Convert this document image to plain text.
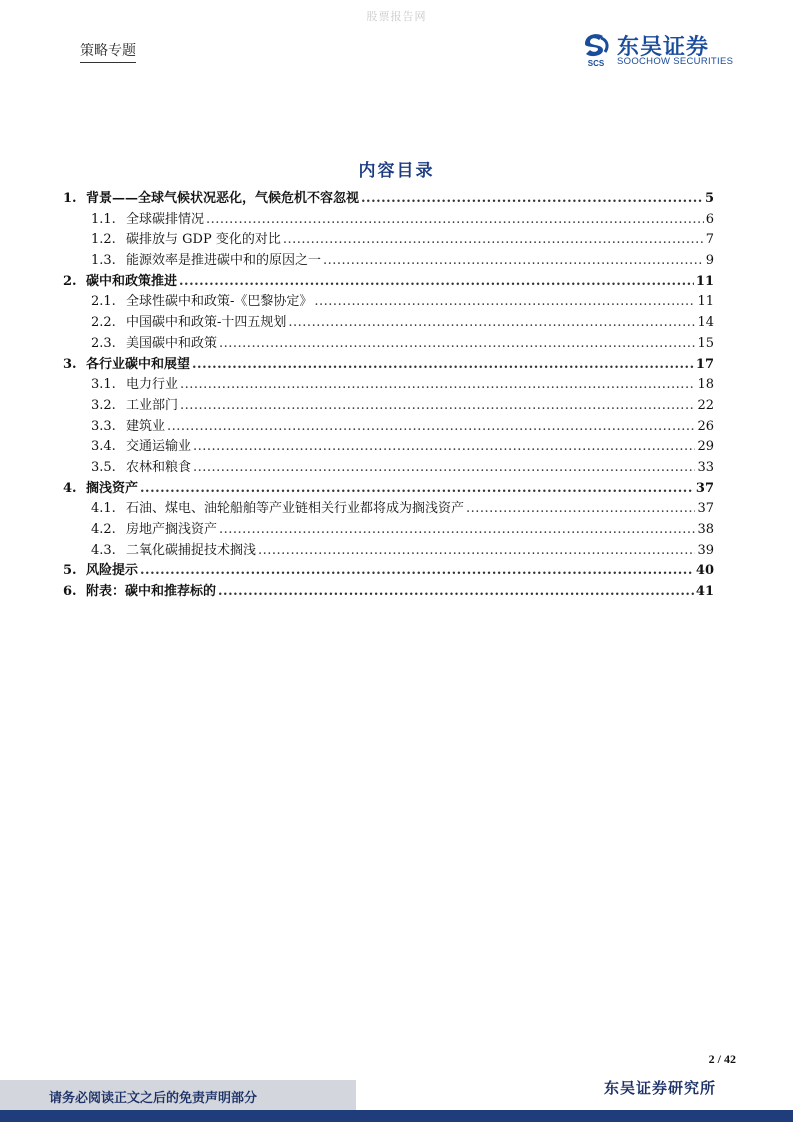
股票报告网
策略专题
SCS
东吴证券
SOOCHOW SECURITIES
内容目录
1. 背景——全球气候状况恶化，气候危机不容忽视 .....	5
1.1. 全球碳排情况 .....	6
1.2. 碳排放与 GDP 变化的对比 .....	7
1.3. 能源效率是推进碳中和的原因之一 .....	9
2. 碳中和政策推进 .....	11
2.1. 全球性碳中和政策-《巴黎协定》 .....	11
2.2. 中国碳中和政策-十四五规划 .....	14
2.3. 美国碳中和政策 .....	15
3. 各行业碳中和展望 .....	17
3.1. 电力行业 .....	18
3.2. 工业部门 .....	22
3.3. 建筑业 .....	26
3.4. 交通运输业 .....	29
3.5. 农林和粮食 .....	33
4. 搁浅资产 .....	37
4.1. 石油、煤电、油轮船舶等产业链相关行业都将成为搁浅资产 .....	37
4.2. 房地产搁浅资产 .....	38
4.3. 二氧化碳捕捉技术搁浅 .....	39
5. 风险提示 .....	40
6. 附表：碳中和推荐标的 .....	41
2 / 42
请务必阅读正文之后的免责声明部分
东吴证券研究所
